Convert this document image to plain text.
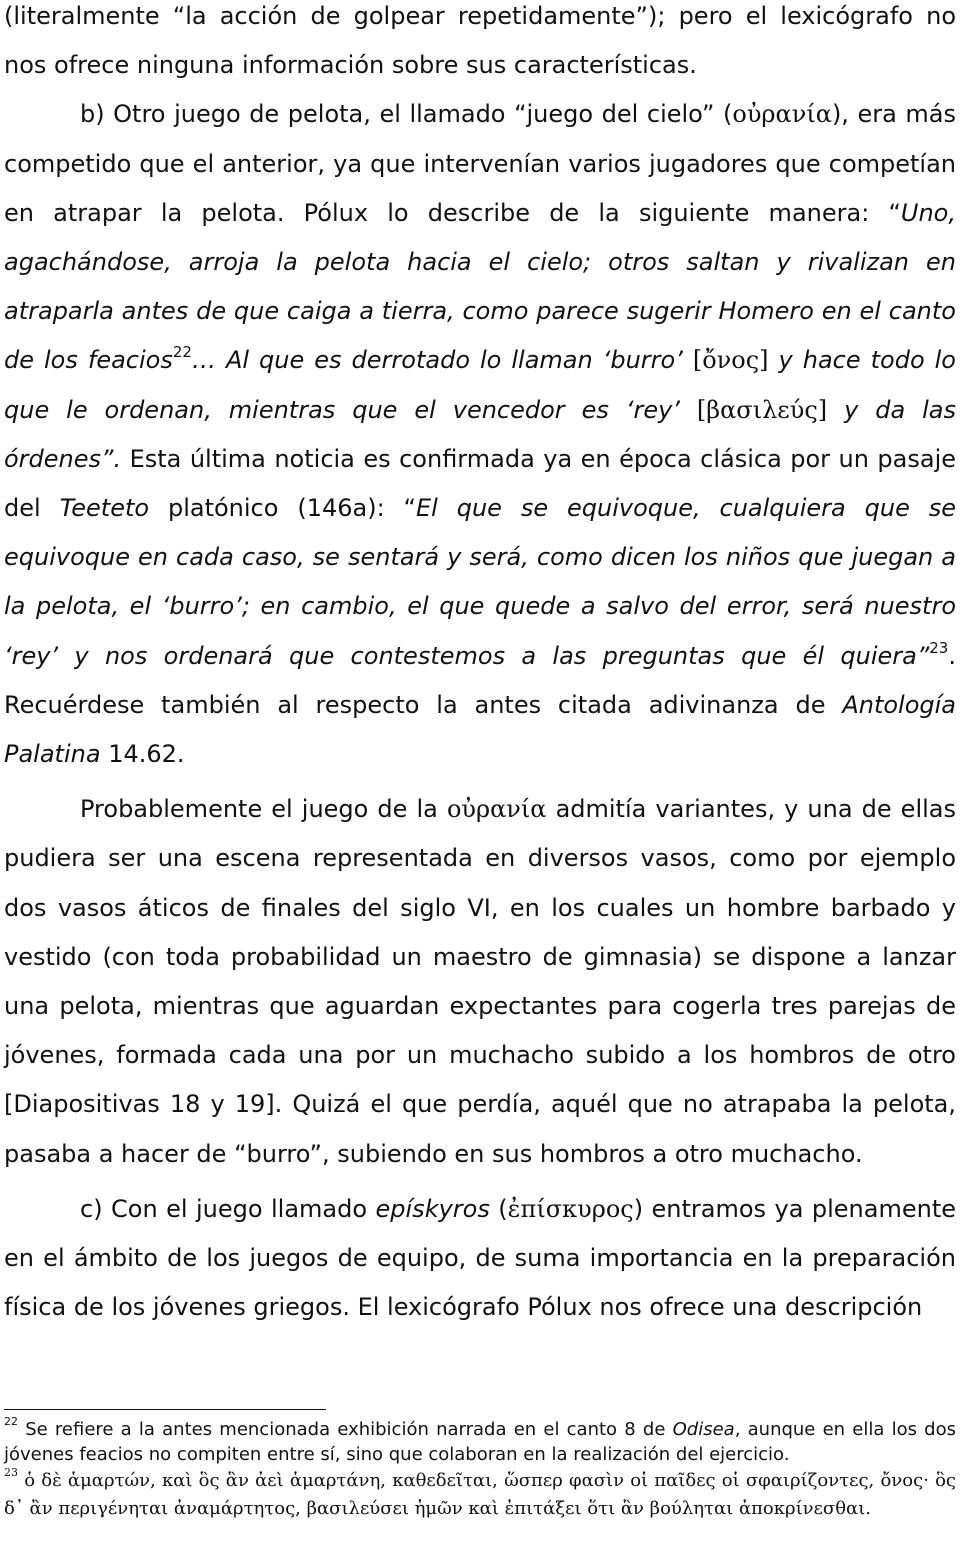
(literalmente “la acción de golpear repetidamente”); pero el lexicógrafo no nos ofrece ninguna información sobre sus características.

b) Otro juego de pelota, el llamado “juego del cielo” (οὐρανία), era más competido que el anterior, ya que intervenían varios jugadores que competían en atrapar la pelota. Pólux lo describe de la siguiente manera: “Uno, agachándose, arroja la pelota hacia el cielo; otros saltan y rivalizan en atraparla antes de que caiga a tierra, como parece sugerir Homero en el canto de los feacios$^{22}$… Al que es derrotado lo llaman ‘burro’ [ὄνος] y hace todo lo que le ordenan, mientras que el vencedor es ‘rey’ [βασιλεύς] y da las órdenes”. Esta última noticia es confirmada ya en época clásica por un pasaje del Teeteto platónico (146a): “El que se equivoque, cualquiera que se equivoque en cada caso, se sentará y será, como dicen los niños que juegan a la pelota, el ‘burro’; en cambio, el que quede a salvo del error, será nuestro ‘rey’ y nos ordenará que contestemos a las preguntas que él quiera”$^{23}$. Recuérdese también al respecto la antes citada adivinanza de Antología Palatina 14.62.

Probablemente el juego de la οὐρανία admitía variantes, y una de ellas pudiera ser una escena representada en diversos vasos, como por ejemplo dos vasos áticos de finales del siglo VI, en los cuales un hombre barbado y vestido (con toda probabilidad un maestro de gimnasia) se dispone a lanzar una pelota, mientras que aguardan expectantes para cogerla tres parejas de jóvenes, formada cada una por un muchacho subido a los hombros de otro [Diapositivas 18 y 19]. Quizá el que perdía, aquél que no atrapaba la pelota, pasaba a hacer de “burro”, subiendo en sus hombros a otro muchacho.

c) Con el juego llamado epískyros (ἐπίσκυρος) entramos ya plenamente en el ámbito de los juegos de equipo, de suma importancia en la preparación física de los jóvenes griegos. El lexicógrafo Pólux nos ofrece una descripción

$^{22}$ Se refiere a la antes mencionada exhibición narrada en el canto 8 de Odisea, aunque en ella los dos jóvenes feacios no compiten entre sí, sino que colaboran en la realización del ejercicio.

$^{23}$ ὁ δὲ ἁμαρτών, καὶ ὃς ἂν ἀεὶ ἁμαρτάνη, καθεδεῖται, ὥσπερ φασὶν οἱ παῖδες οἱ σφαιρίζοντες, ὄνος· ὃς δ᾽ ἂν περιγένηται ἀναμάρτητος, βασιλεύσει ἡμῶν καὶ ἐπιτάξει ὅτι ἂν βούληται ἀποκρίνεσθαι.
